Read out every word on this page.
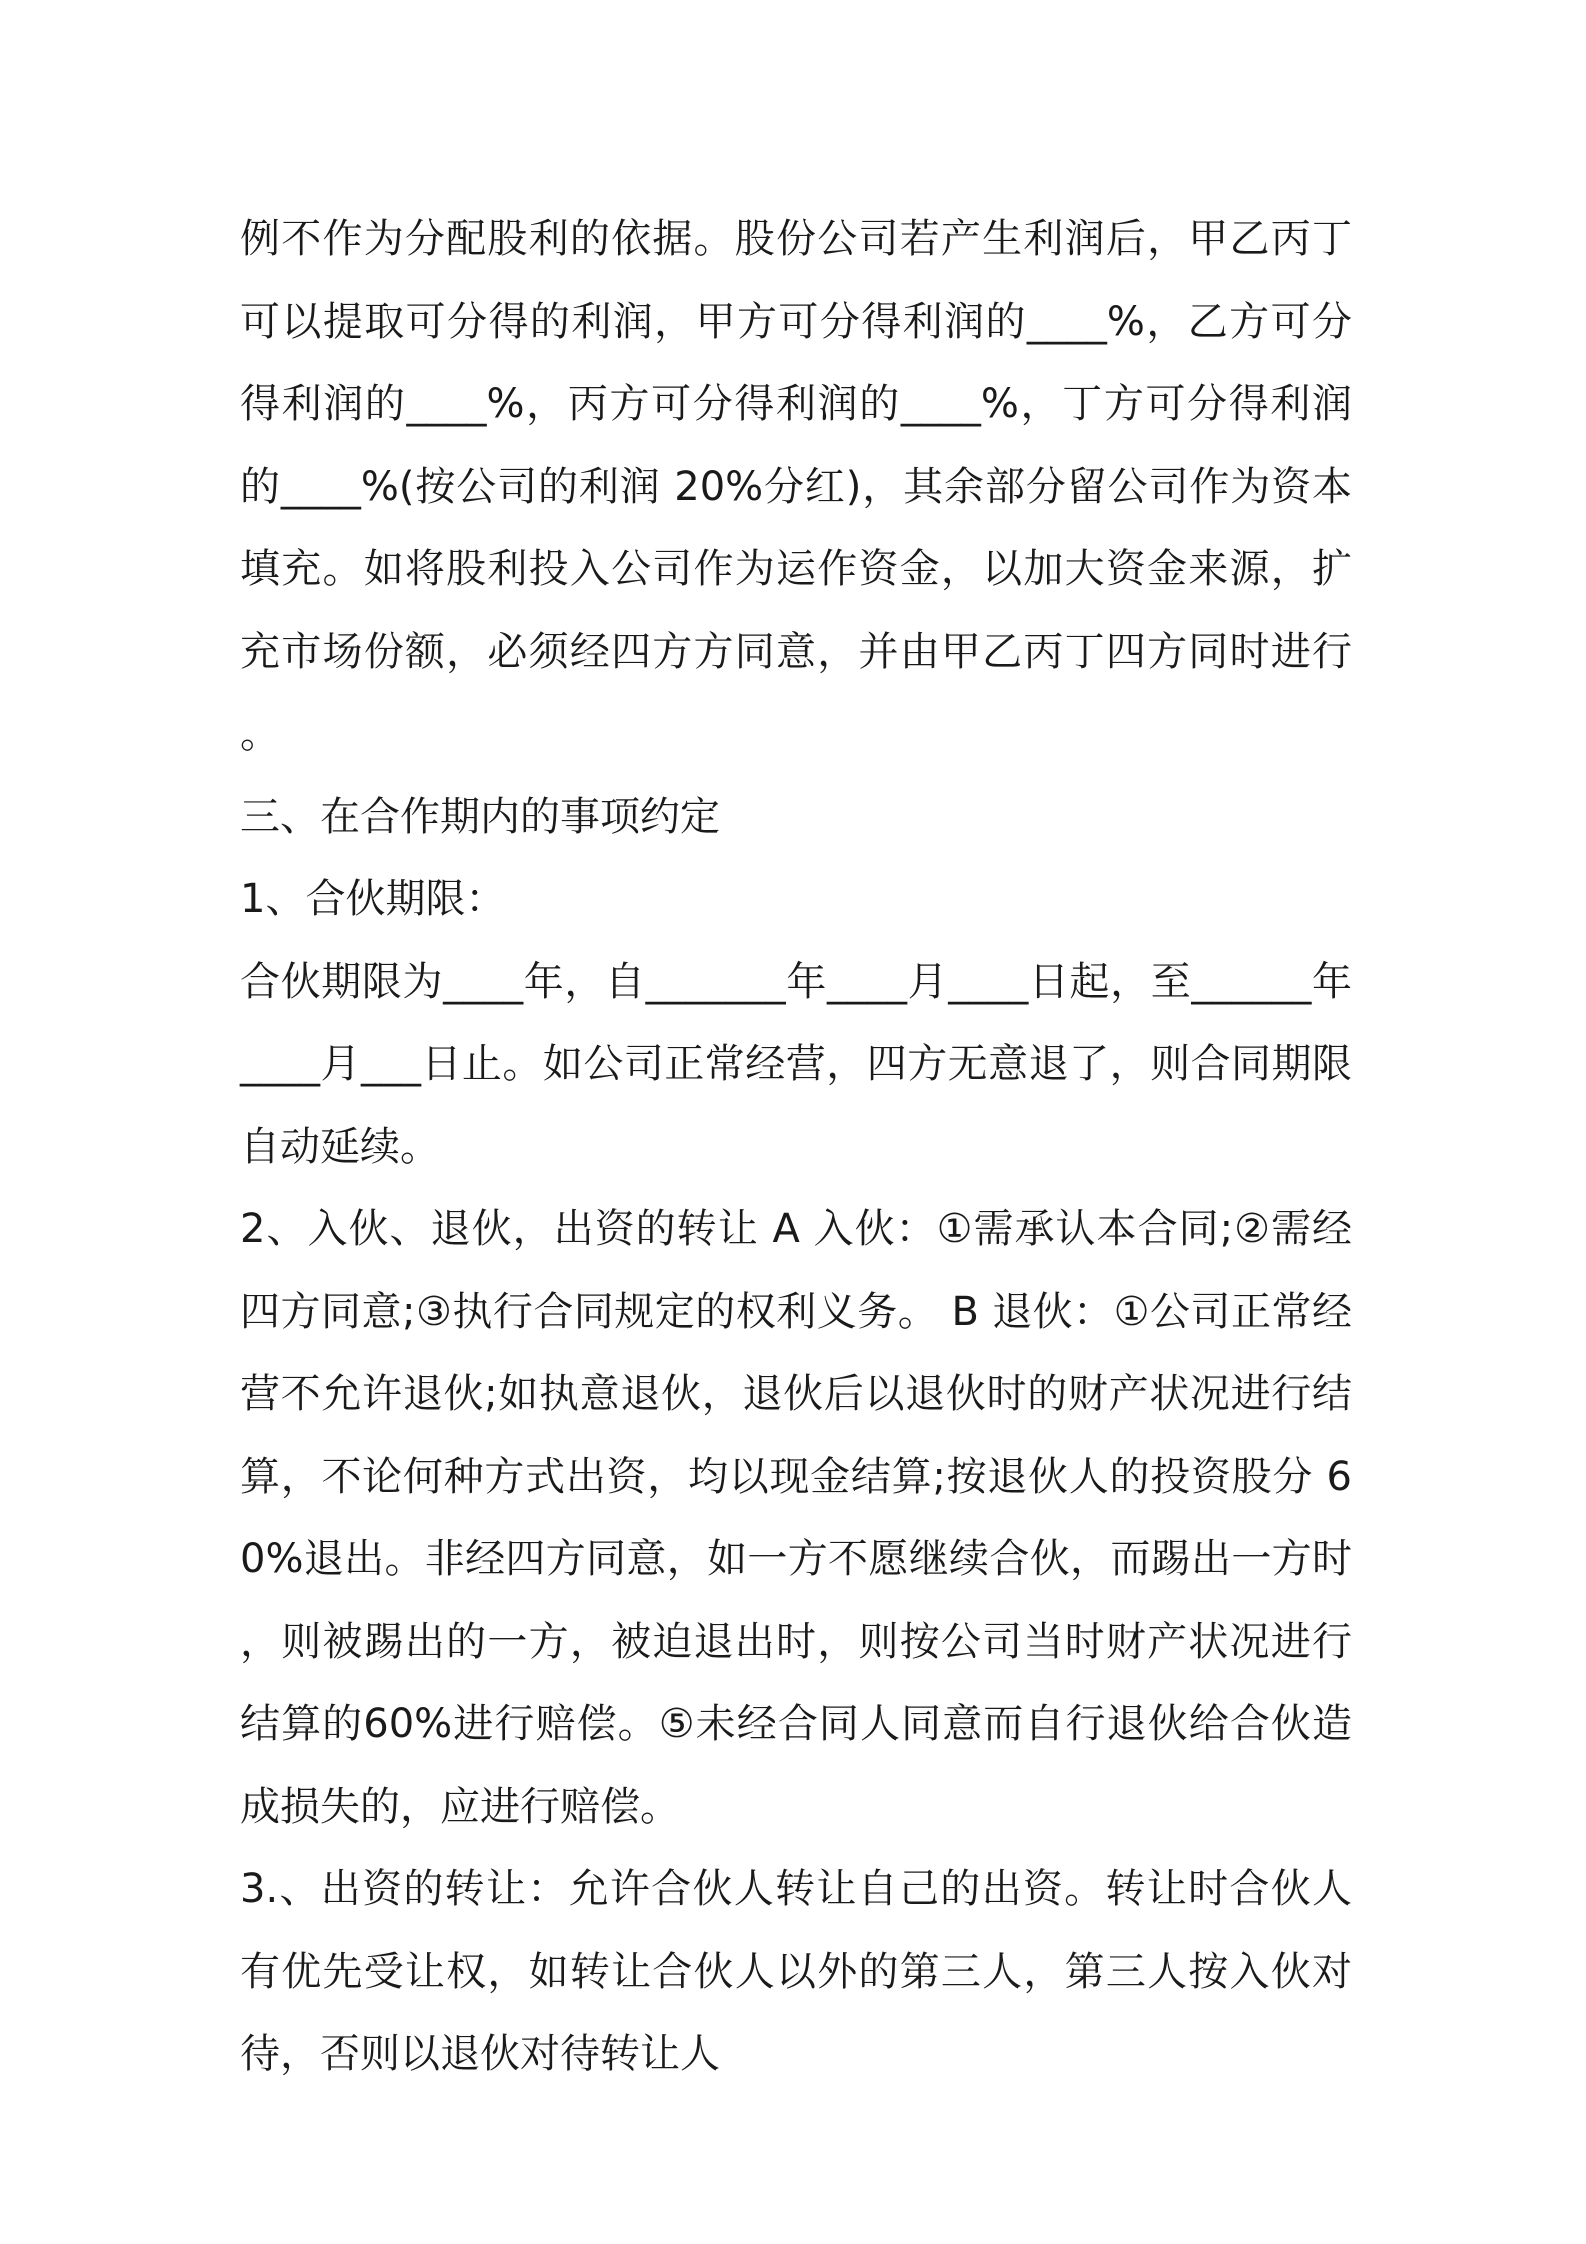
例不作为分配股利的依据。股份公司若产生利润后，甲乙丙丁可以提取可分得的利润，甲方可分得利润的____%，乙方可分得利润的____%，丙方可分得利润的____%，丁方可分得利润的____%(按公司的利润 20%分红)，其余部分留公司作为资本填充。如将股利投入公司作为运作资金，以加大资金来源，扩充市场份额，必须经四方方同意，并由甲乙丙丁四方同时进行。

三、在合作期内的事项约定

1、合伙期限：

合伙期限为____年，自_______年____月____日起，至______年____月___日止。如公司正常经营，四方无意退了，则合同期限自动延续。

2、入伙、退伙，出资的转让 A 入伙：①需承认本合同;②需经四方同意;③执行合同规定的权利义务。 B 退伙：①公司正常经营不允许退伙;如执意退伙，退伙后以退伙时的财产状况进行结算，不论何种方式出资，均以现金结算;按退伙人的投资股分 60%退出。非经四方同意，如一方不愿继续合伙，而踢出一方时，则被踢出的一方，被迫退出时，则按公司当时财产状况进行结算的60%进行赔偿。⑤未经合同人同意而自行退伙给合伙造成损失的，应进行赔偿。

3.、出资的转让：允许合伙人转让自己的出资。转让时合伙人有优先受让权，如转让合伙人以外的第三人，第三人按入伙对待，否则以退伙对待转让人
